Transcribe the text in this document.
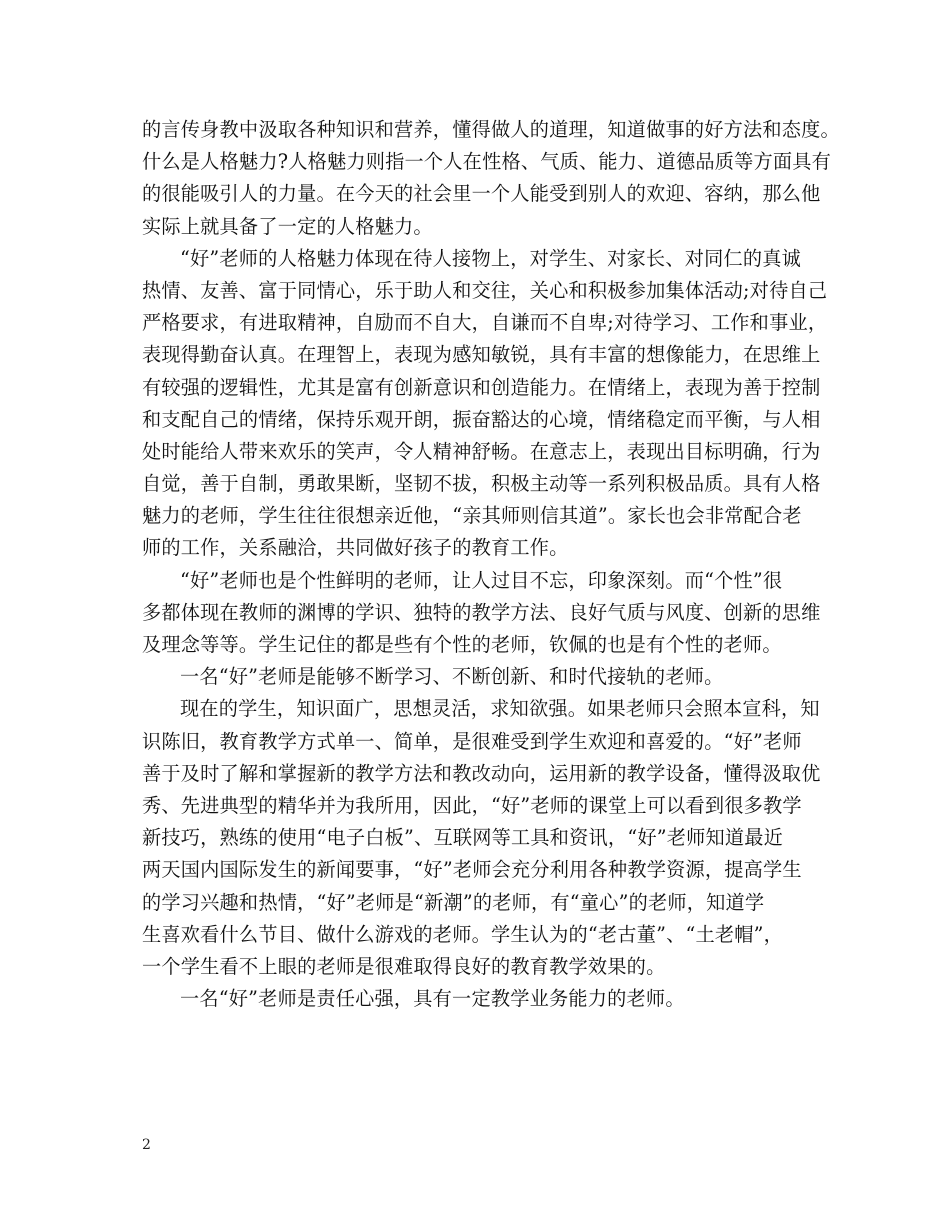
的言传身教中汲取各种知识和营养，懂得做人的道理，知道做事的好方法和态度。
什么是人格魅力?人格魅力则指一个人在性格、气质、能力、道德品质等方面具有
的很能吸引人的力量。在今天的社会里一个人能受到别人的欢迎、容纳，那么他
实际上就具备了一定的人格魅力。
“好”老师的人格魅力体现在待人接物上，对学生、对家长、对同仁的真诚
热情、友善、富于同情心，乐于助人和交往，关心和积极参加集体活动;对待自己
严格要求，有进取精神，自励而不自大，自谦而不自卑;对待学习、工作和事业，
表现得勤奋认真。在理智上，表现为感知敏锐，具有丰富的想像能力，在思维上
有较强的逻辑性，尤其是富有创新意识和创造能力。在情绪上，表现为善于控制
和支配自己的情绪，保持乐观开朗，振奋豁达的心境，情绪稳定而平衡，与人相
处时能给人带来欢乐的笑声，令人精神舒畅。在意志上，表现出目标明确，行为
自觉，善于自制，勇敢果断，坚韧不拔，积极主动等一系列积极品质。具有人格
魅力的老师，学生往往很想亲近他，“亲其师则信其道”。家长也会非常配合老
师的工作，关系融洽，共同做好孩子的教育工作。
“好”老师也是个性鲜明的老师，让人过目不忘，印象深刻。而“个性”很
多都体现在教师的渊博的学识、独特的教学方法、良好气质与风度、创新的思维
及理念等等。学生记住的都是些有个性的老师，钦佩的也是有个性的老师。
一名“好”老师是能够不断学习、不断创新、和时代接轨的老师。
现在的学生，知识面广，思想灵活，求知欲强。如果老师只会照本宣科，知
识陈旧，教育教学方式单一、简单，是很难受到学生欢迎和喜爱的。“好”老师
善于及时了解和掌握新的教学方法和教改动向，运用新的教学设备，懂得汲取优
秀、先进典型的精华并为我所用，因此，“好”老师的课堂上可以看到很多教学
新技巧，熟练的使用“电子白板”、互联网等工具和资讯，“好”老师知道最近
两天国内国际发生的新闻要事，“好”老师会充分利用各种教学资源，提高学生
的学习兴趣和热情，“好”老师是“新潮”的老师，有“童心”的老师，知道学
生喜欢看什么节目、做什么游戏的老师。学生认为的“老古董”、“土老帽”，
一个学生看不上眼的老师是很难取得良好的教育教学效果的。
一名“好”老师是责任心强，具有一定教学业务能力的老师。
2
